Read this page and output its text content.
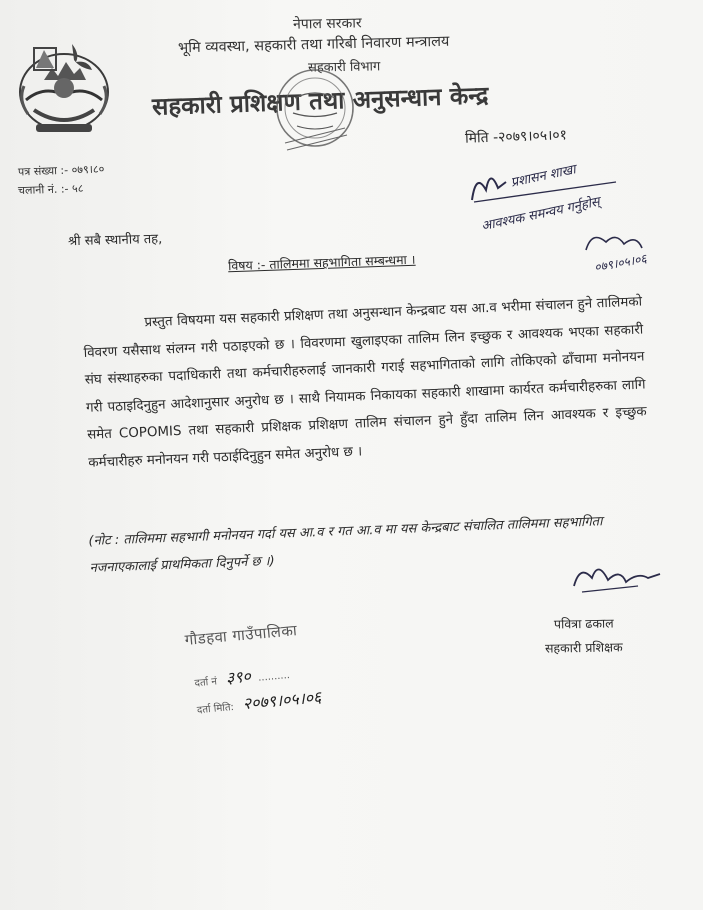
नेपाल सरकार
भूमि व्यवस्था, सहकारी तथा गरिबी निवारण मन्त्रालय
सहकारी विभाग
सहकारी प्रशिक्षण तथा अनुसन्धान केन्द्र
पत्र संख्या :- ०७९।८०
चलानी नं. :- ५८
मिति -२०७९।०५।०१
प्रशासन शाखा
आवश्यक समन्वय गर्नुहोस्
०७९।०५।०६
श्री सबै स्थानीय तह,
विषय :- तालिममा सहभागिता सम्बन्धमा ।

प्रस्तुत विषयमा यस सहकारी प्रशिक्षण तथा अनुसन्धान केन्द्रबाट यस आ.व भरीमा संचालन हुने तालिमको विवरण यसैसाथ संलग्न गरी पठाइएको छ । विवरणमा खुलाइएका तालिम लिन इच्छुक र आवश्यक भएका सहकारी संघ संस्थाहरुका पदाधिकारी तथा कर्मचारीहरुलाई जानकारी गराई सहभागिताको लागि तोकिएको ढाँचामा मनोनयन गरी पठाइदिनुहुन आदेशानुसार अनुरोध छ । साथै नियामक निकायका सहकारी शाखामा कार्यरत कर्मचारीहरुका लागि समेत COPOMIS तथा सहकारी प्रशिक्षक प्रशिक्षण तालिम संचालन हुने हुँदा तालिम लिन आवश्यक र इच्छुक कर्मचारीहरु मनोनयन गरी पठाईदिनुहुन समेत अनुरोध छ ।

(नोट : तालिममा सहभागी मनोनयन गर्दा यस आ.व र गत आ.व मा यस केन्द्रबाट संचालित तालिममा सहभागिता नजनाएकालाई प्राथमिकता दिनुपर्ने छ ।)
पवित्रा ढकाल
सहकारी प्रशिक्षक
गौडहवा गाउँपालिका
दर्ता नं ३९० ..........
दर्ता मिति: २०७९।०५।०६
